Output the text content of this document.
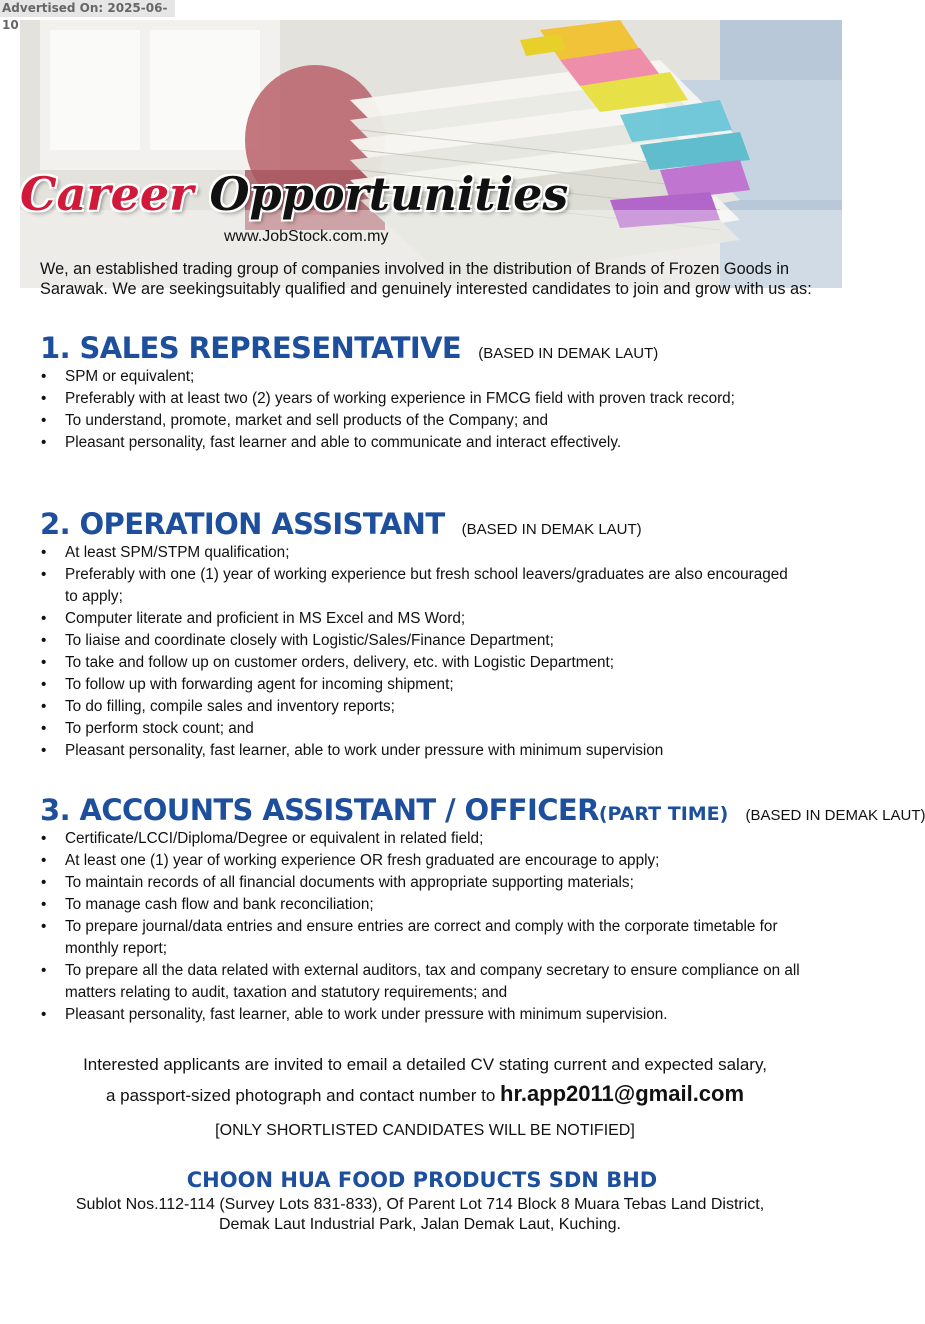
Advertised On: 2025-06-10
Career Opportunities
www.JobStock.com.my

We, an established trading group of companies involved in the distribution of Brands of Frozen Goods in Sarawak. We are seekingsuitably qualified and genuinely interested candidates to join and grow with us as:

1. SALES REPRESENTATIVE (BASED IN DEMAK LAUT)
• SPM or equivalent;
• Preferably with at least two (2) years of working experience in FMCG field with proven track record;
• To understand, promote, market and sell products of the Company; and
• Pleasant personality, fast learner and able to communicate and interact effectively.
2. OPERATION ASSISTANT (BASED IN DEMAK LAUT)
• At least SPM/STPM qualification;
• Preferably with one (1) year of working experience but fresh school leavers/graduates are also encouraged to apply;
• Computer literate and proficient in MS Excel and MS Word;
• To liaise and coordinate closely with Logistic/Sales/Finance Department;
• To take and follow up on customer orders, delivery, etc. with Logistic Department;
• To follow up with forwarding agent for incoming shipment;
• To do filling, compile sales and inventory reports;
• To perform stock count; and
• Pleasant personality, fast learner, able to work under pressure with minimum supervision
3. ACCOUNTS ASSISTANT / OFFICER(PART TIME) (BASED IN DEMAK LAUT)
• Certificate/LCCI/Diploma/Degree or equivalent in related field;
• At least one (1) year of working experience OR fresh graduated are encourage to apply;
• To maintain records of all financial documents with appropriate supporting materials;
• To manage cash flow and bank reconciliation;
• To prepare journal/data entries and ensure entries are correct and comply with the corporate timetable for monthly report;
• To prepare all the data related with external auditors, tax and company secretary to ensure compliance on all matters relating to audit, taxation and statutory requirements; and
• Pleasant personality, fast learner, able to work under pressure with minimum supervision.
Interested applicants are invited to email a detailed CV stating current and expected salary,
a passport-sized photograph and contact number to hr.app2011@gmail.com
[ONLY SHORTLISTED CANDIDATES WILL BE NOTIFIED]
CHOON HUA FOOD PRODUCTS SDN BHD
Sublot Nos.112-114 (Survey Lots 831-833), Of Parent Lot 714 Block 8 Muara Tebas Land District,
Demak Laut Industrial Park, Jalan Demak Laut, Kuching.
